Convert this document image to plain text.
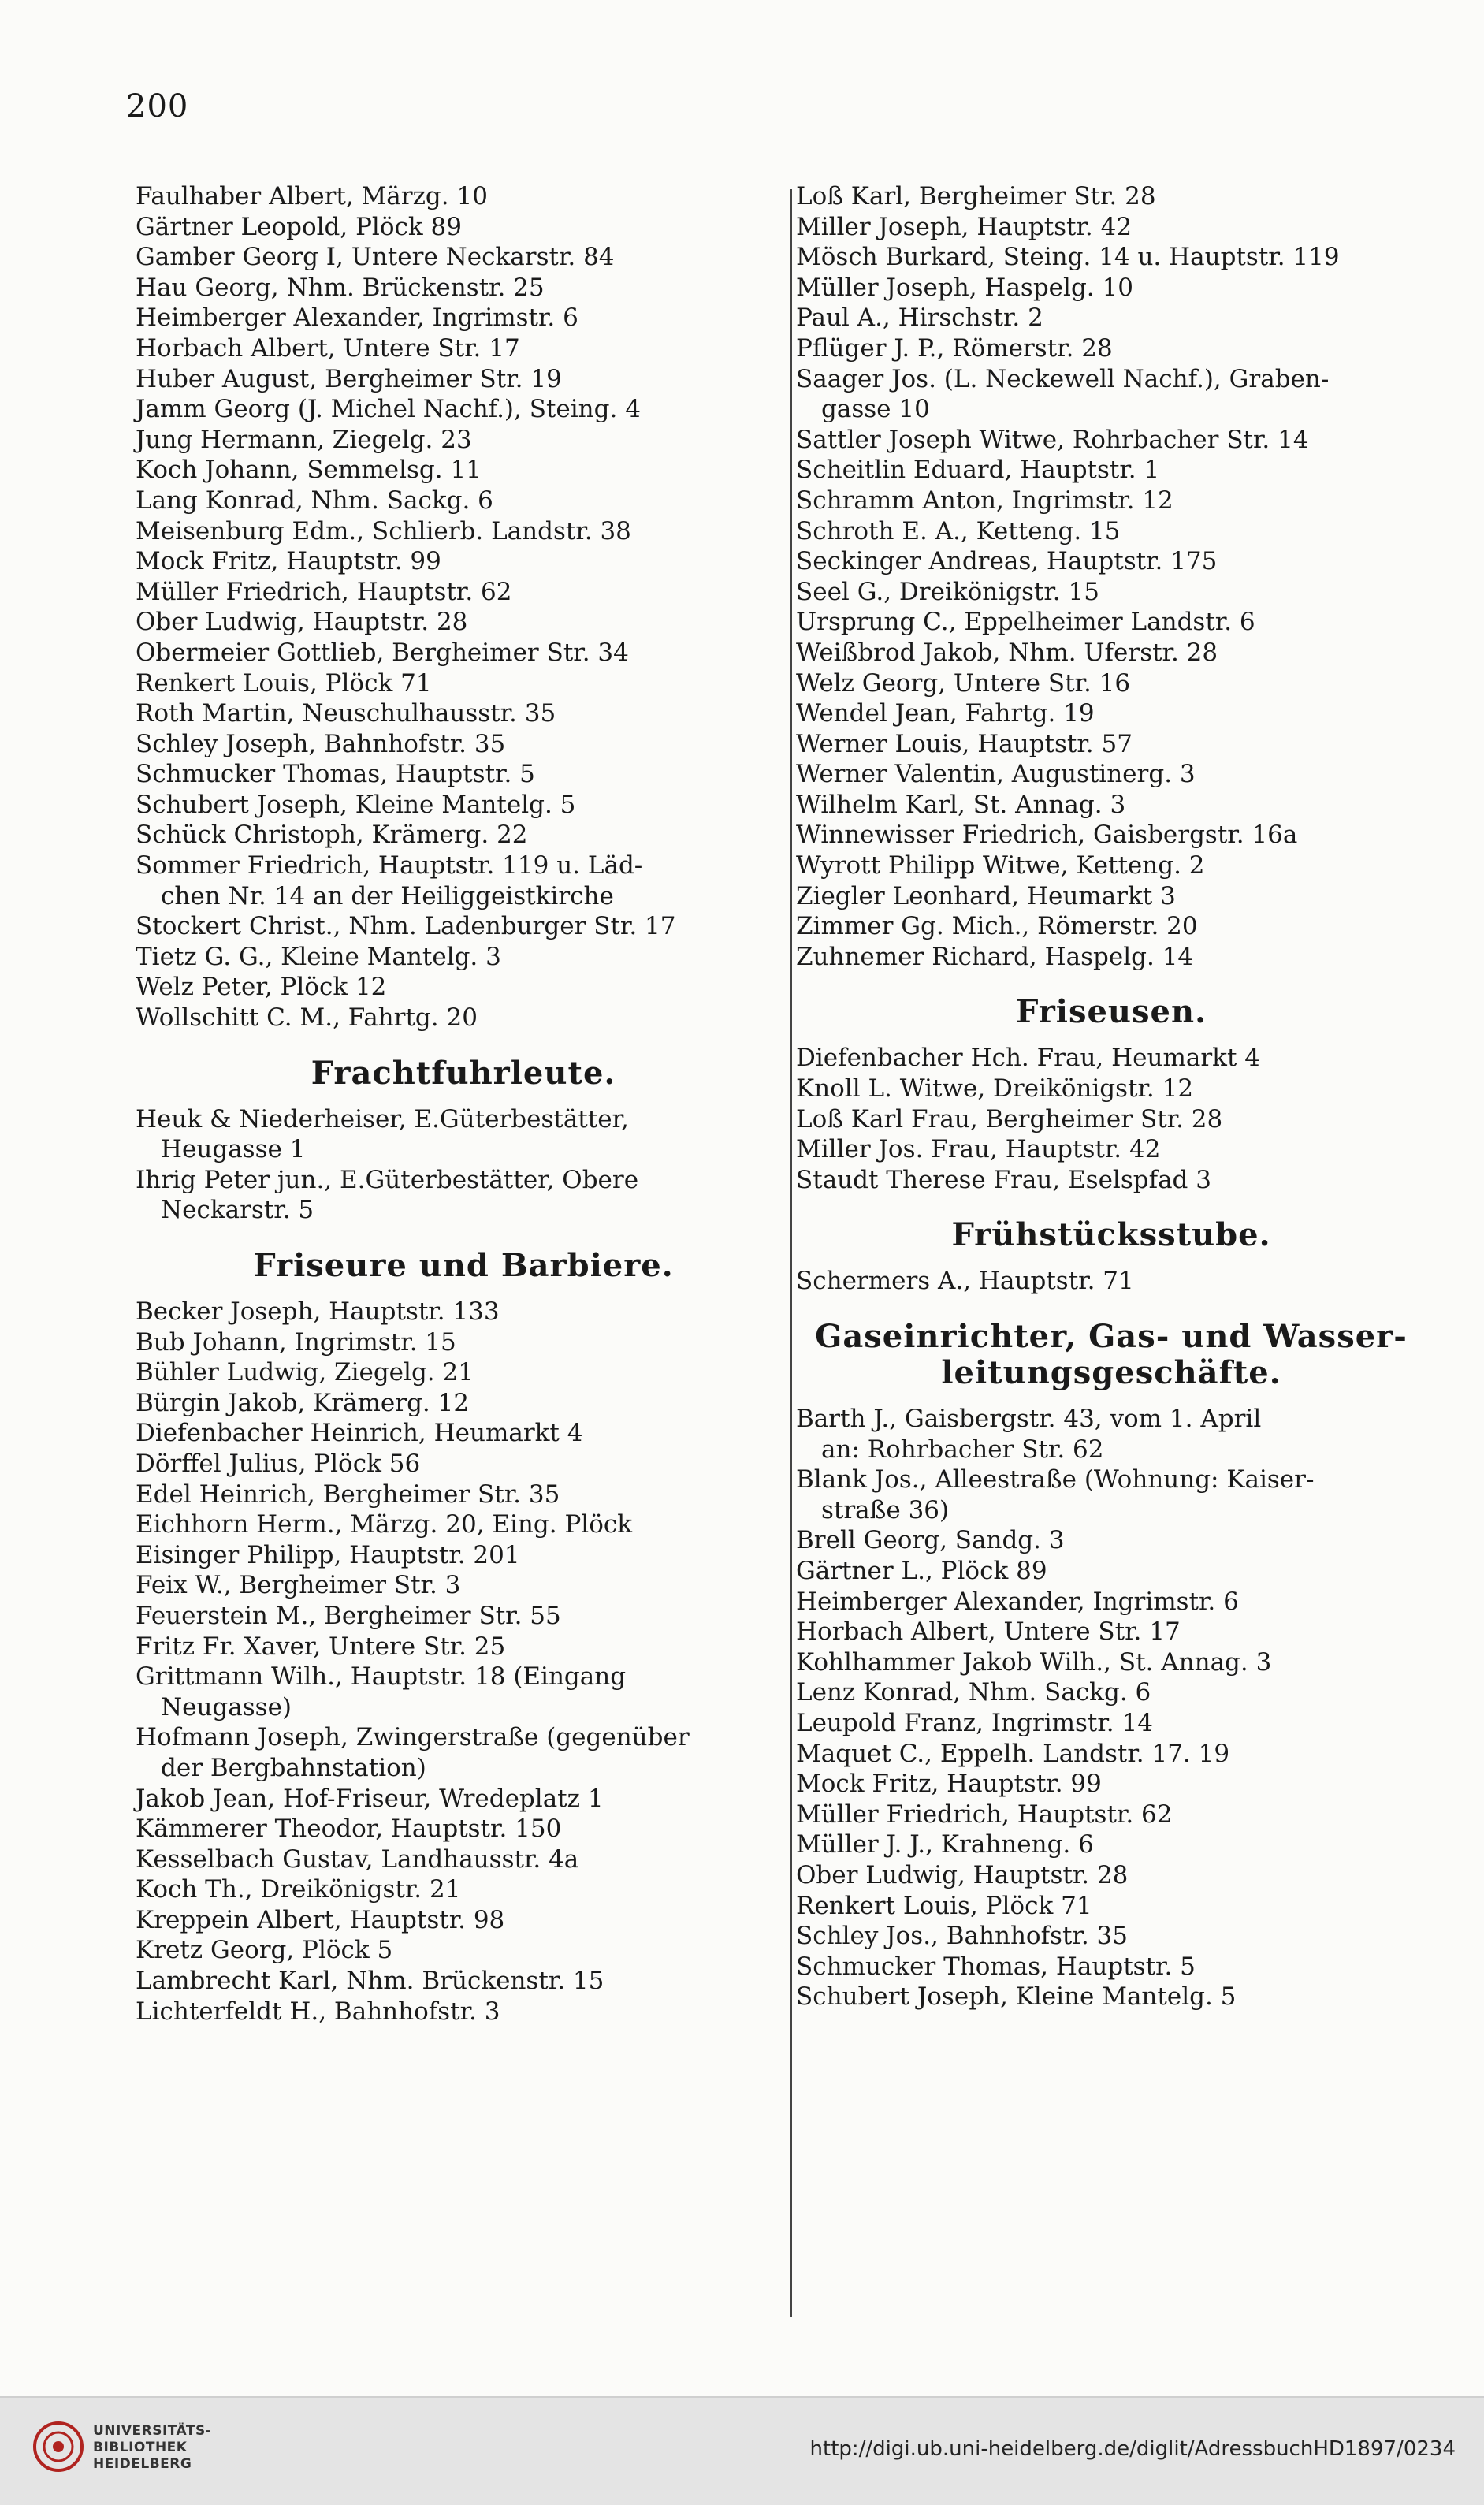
200
Faulhaber Albert, Märzg. 10
Gärtner Leopold, Plöck 89
Gamber Georg I, Untere Neckarstr. 84
Hau Georg, Nhm. Brückenstr. 25
Heimberger Alexander, Ingrimstr. 6
Horbach Albert, Untere Str. 17
Huber August, Bergheimer Str. 19
Jamm Georg (J. Michel Nachf.), Steing. 4
Jung Hermann, Ziegelg. 23
Koch Johann, Semmelsg. 11
Lang Konrad, Nhm. Sackg. 6
Meisenburg Edm., Schlierb. Landstr. 38
Mock Fritz, Hauptstr. 99
Müller Friedrich, Hauptstr. 62
Ober Ludwig, Hauptstr. 28
Obermeier Gottlieb, Bergheimer Str. 34
Renkert Louis, Plöck 71
Roth Martin, Neuschulhausstr. 35
Schley Joseph, Bahnhofstr. 35
Schmucker Thomas, Hauptstr. 5
Schubert Joseph, Kleine Mantelg. 5
Schück Christoph, Krämerg. 22
Sommer Friedrich, Hauptstr. 119 u. Läd-
chen Nr. 14 an der Heiliggeistkirche
Stockert Christ., Nhm. Ladenburger Str. 17
Tietz G. G., Kleine Mantelg. 3
Welz Peter, Plöck 12
Wollschitt C. M., Fahrtg. 20
Frachtfuhrleute.
Heuk & Niederheiser, E.Güterbestätter,
Heugasse 1
Ihrig Peter jun., E.Güterbestätter, Obere
Neckarstr. 5
Friseure und Barbiere.
Becker Joseph, Hauptstr. 133
Bub Johann, Ingrimstr. 15
Bühler Ludwig, Ziegelg. 21
Bürgin Jakob, Krämerg. 12
Diefenbacher Heinrich, Heumarkt 4
Dörffel Julius, Plöck 56
Edel Heinrich, Bergheimer Str. 35
Eichhorn Herm., Märzg. 20, Eing. Plöck
Eisinger Philipp, Hauptstr. 201
Feix W., Bergheimer Str. 3
Feuerstein M., Bergheimer Str. 55
Fritz Fr. Xaver, Untere Str. 25
Grittmann Wilh., Hauptstr. 18 (Eingang
Neugasse)
Hofmann Joseph, Zwingerstraße (gegenüber
der Bergbahnstation)
Jakob Jean, Hof-Friseur, Wredeplatz 1
Kämmerer Theodor, Hauptstr. 150
Kesselbach Gustav, Landhausstr. 4a
Koch Th., Dreikönigstr. 21
Kreppein Albert, Hauptstr. 98
Kretz Georg, Plöck 5
Lambrecht Karl, Nhm. Brückenstr. 15
Lichterfeldt H., Bahnhofstr. 3
Loß Karl, Bergheimer Str. 28
Miller Joseph, Hauptstr. 42
Mösch Burkard, Steing. 14 u. Hauptstr. 119
Müller Joseph, Haspelg. 10
Paul A., Hirschstr. 2
Pflüger J. P., Römerstr. 28
Saager Jos. (L. Neckewell Nachf.), Graben-
gasse 10
Sattler Joseph Witwe, Rohrbacher Str. 14
Scheitlin Eduard, Hauptstr. 1
Schramm Anton, Ingrimstr. 12
Schroth E. A., Ketteng. 15
Seckinger Andreas, Hauptstr. 175
Seel G., Dreikönigstr. 15
Ursprung C., Eppelheimer Landstr. 6
Weißbrod Jakob, Nhm. Uferstr. 28
Welz Georg, Untere Str. 16
Wendel Jean, Fahrtg. 19
Werner Louis, Hauptstr. 57
Werner Valentin, Augustinerg. 3
Wilhelm Karl, St. Annag. 3
Winnewisser Friedrich, Gaisbergstr. 16a
Wyrott Philipp Witwe, Ketteng. 2
Ziegler Leonhard, Heumarkt 3
Zimmer Gg. Mich., Römerstr. 20
Zuhnemer Richard, Haspelg. 14
Friseusen.
Diefenbacher Hch. Frau, Heumarkt 4
Knoll L. Witwe, Dreikönigstr. 12
Loß Karl Frau, Bergheimer Str. 28
Miller Jos. Frau, Hauptstr. 42
Staudt Therese Frau, Eselspfad 3
Frühstücksstube.
Schermers A., Hauptstr. 71
Gaseinrichter, Gas- und Wasser-
leitungsgeschäfte.
Barth J., Gaisbergstr. 43, vom 1. April
an: Rohrbacher Str. 62
Blank Jos., Alleestraße (Wohnung: Kaiser-
straße 36)
Brell Georg, Sandg. 3
Gärtner L., Plöck 89
Heimberger Alexander, Ingrimstr. 6
Horbach Albert, Untere Str. 17
Kohlhammer Jakob Wilh., St. Annag. 3
Lenz Konrad, Nhm. Sackg. 6
Leupold Franz, Ingrimstr. 14
Maquet C., Eppelh. Landstr. 17. 19
Mock Fritz, Hauptstr. 99
Müller Friedrich, Hauptstr. 62
Müller J. J., Krahneng. 6
Ober Ludwig, Hauptstr. 28
Renkert Louis, Plöck 71
Schley Jos., Bahnhofstr. 35
Schmucker Thomas, Hauptstr. 5
Schubert Joseph, Kleine Mantelg. 5
UNIVERSITÄTS-
BIBLIOTHEK
HEIDELBERG
http://digi.ub.uni-heidelberg.de/diglit/AdressbuchHD1897/0234
